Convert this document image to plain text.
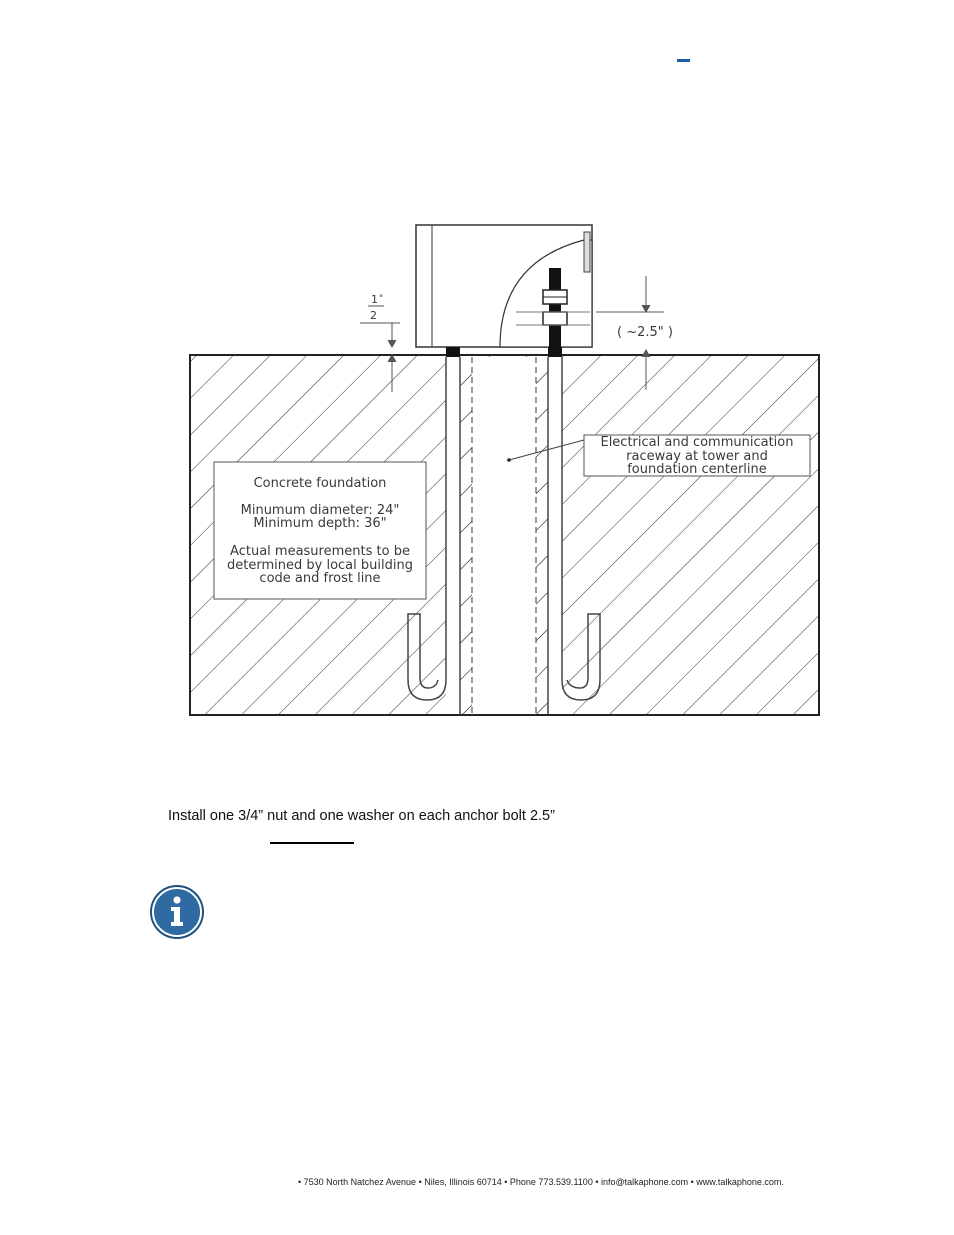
1 "
2
( ~2.5" )
Concrete foundation
Minumum diameter: 24"
Minimum depth: 36"
Actual measurements to be
determined by local building
code and frost line
Electrical and communication
raceway at tower and
foundation centerline
Install one 3/4” nut and one washer on each anchor bolt 2.5”
• 7530 North Natchez Avenue • Niles, Illinois 60714 • Phone 773.539.1100 • info@talkaphone.com • www.talkaphone.com.
